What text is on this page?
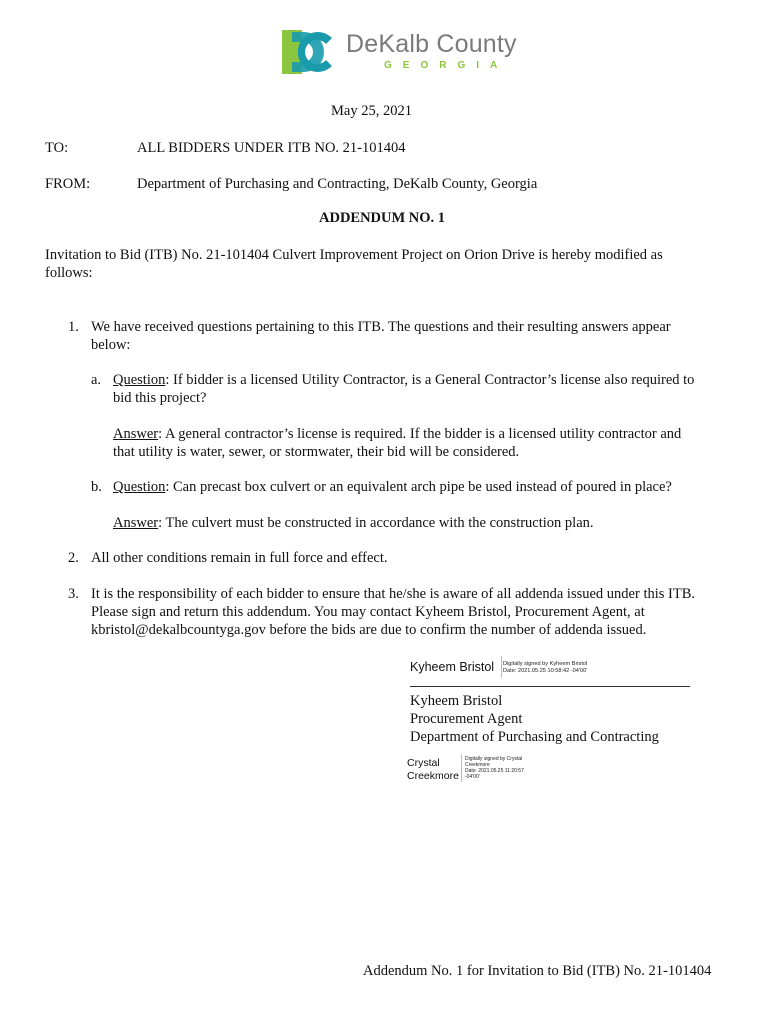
DeKalb County
GEORGIA
May 25, 2021
TO:	ALL BIDDERS UNDER ITB NO. 21-101404
FROM:	Department of Purchasing and Contracting, DeKalb County, Georgia
ADDENDUM NO. 1
Invitation to Bid (ITB) No. 21-101404 Culvert Improvement Project on Orion Drive is hereby modified as
follows:
1. We have received questions pertaining to this ITB. The questions and their resulting answers appear
below:
a. Question: If bidder is a licensed Utility Contractor, is a General Contractor’s license also required to
bid this project?
Answer: A general contractor’s license is required. If the bidder is a licensed utility contractor and
that utility is water, sewer, or stormwater, their bid will be considered.
b. Question: Can precast box culvert or an equivalent arch pipe be used instead of poured in place?
Answer: The culvert must be constructed in accordance with the construction plan.
2. All other conditions remain in full force and effect.
3. It is the responsibility of each bidder to ensure that he/she is aware of all addenda issued under this ITB.
Please sign and return this addendum. You may contact Kyheem Bristol, Procurement Agent, at
kbristol@dekalbcountyga.gov before the bids are due to confirm the number of addenda issued.
Kyheem Bristol Digitally signed by Kyheem Bristol
Date: 2021.05.25 10:58:42 -04'00'
Kyheem Bristol
Procurement Agent
Department of Purchasing and Contracting
Crystal
Creekmore
Digitally signed by Crystal
Creekmore
Date: 2021.05.25 11:20:57
-04'00'
Addendum No. 1 for Invitation to Bid (ITB) No. 21-101404
